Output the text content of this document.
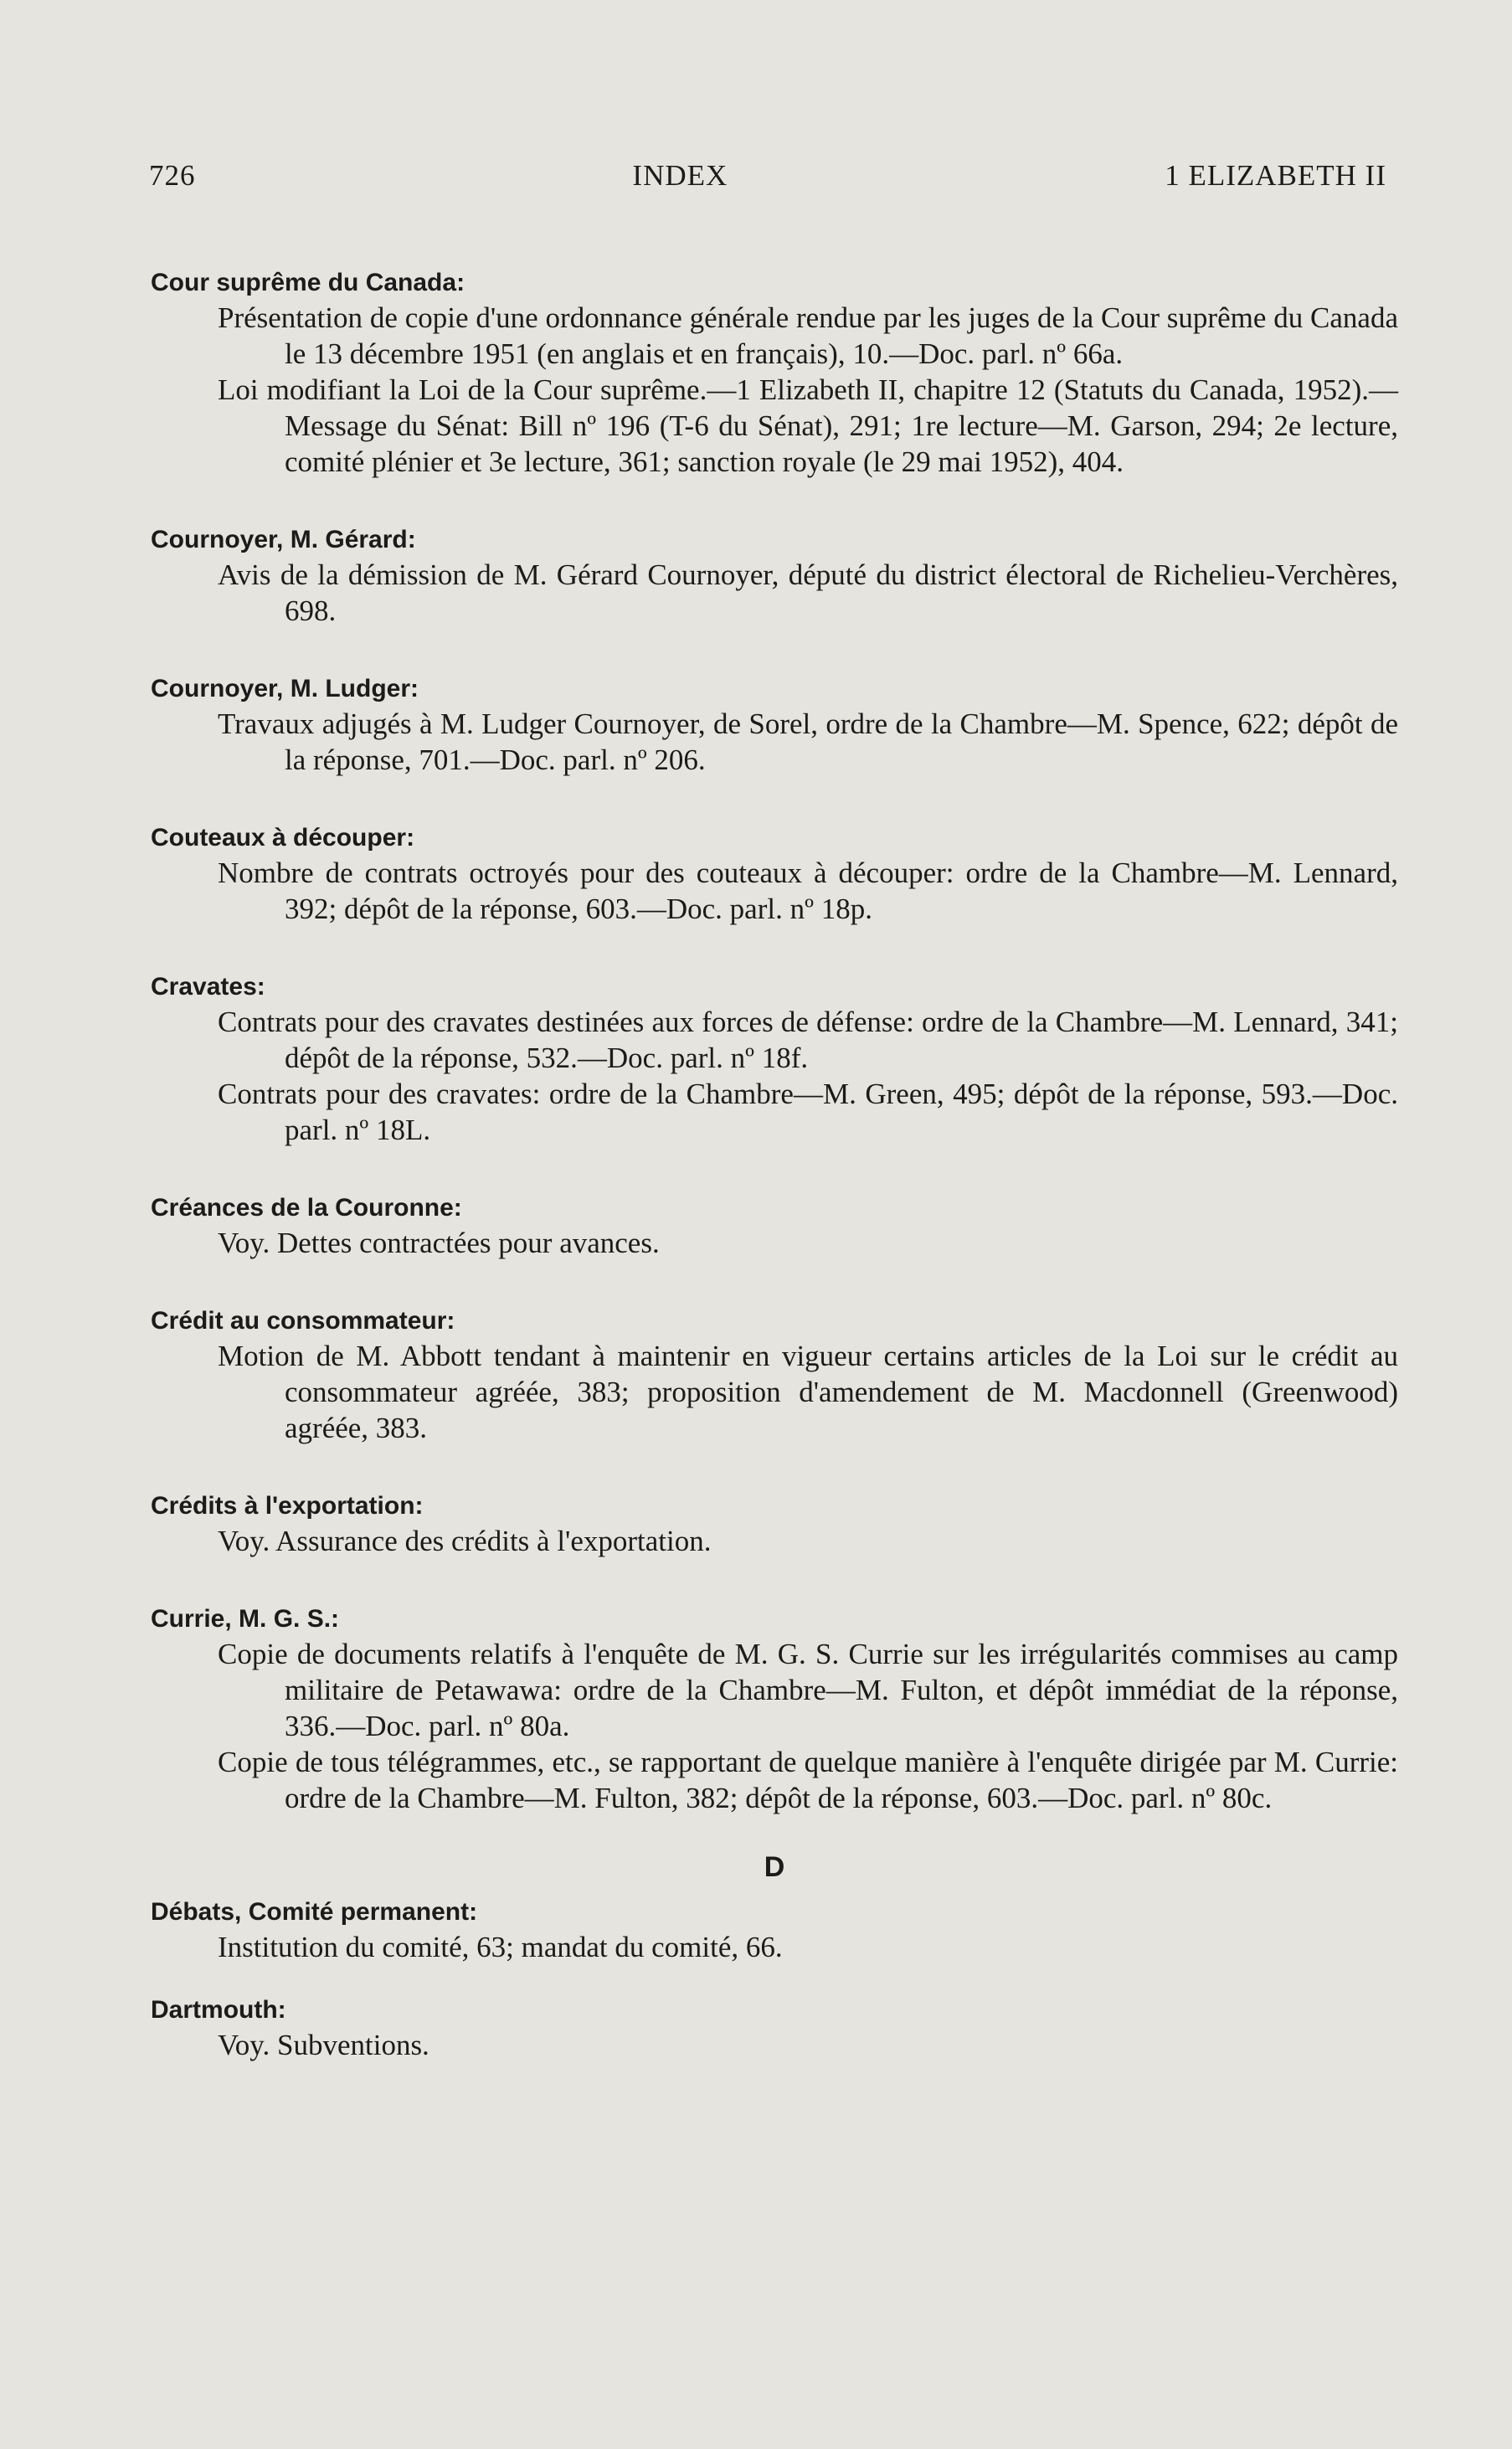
726	INDEX	1 ELIZABETH II
Cour suprême du Canada:

Présentation de copie d'une ordonnance générale rendue par les juges de la Cour suprême du Canada le 13 décembre 1951 (en anglais et en français), 10.—Doc. parl. nº 66a.

Loi modifiant la Loi de la Cour suprême.—1 Elizabeth II, chapitre 12 (Statuts du Canada, 1952).—Message du Sénat: Bill nº 196 (T-6 du Sénat), 291; 1re lecture—M. Garson, 294; 2e lecture, comité plénier et 3e lecture, 361; sanction royale (le 29 mai 1952), 404.

Cournoyer, M. Gérard:

Avis de la démission de M. Gérard Cournoyer, député du district électoral de Richelieu-Verchères, 698.

Cournoyer, M. Ludger:

Travaux adjugés à M. Ludger Cournoyer, de Sorel, ordre de la Chambre—M. Spence, 622; dépôt de la réponse, 701.—Doc. parl. nº 206.

Couteaux à découper:

Nombre de contrats octroyés pour des couteaux à découper: ordre de la Chambre—M. Lennard, 392; dépôt de la réponse, 603.—Doc. parl. nº 18p.

Cravates:

Contrats pour des cravates destinées aux forces de défense: ordre de la Chambre—M. Lennard, 341; dépôt de la réponse, 532.—Doc. parl. nº 18f.

Contrats pour des cravates: ordre de la Chambre—M. Green, 495; dépôt de la réponse, 593.—Doc. parl. nº 18L.

Créances de la Couronne:

Voy. Dettes contractées pour avances.

Crédit au consommateur:

Motion de M. Abbott tendant à maintenir en vigueur certains articles de la Loi sur le crédit au consommateur agréée, 383; proposition d'amendement de M. Macdonnell (Greenwood) agréée, 383.

Crédits à l'exportation:

Voy. Assurance des crédits à l'exportation.

Currie, M. G. S.:

Copie de documents relatifs à l'enquête de M. G. S. Currie sur les irrégularités commises au camp militaire de Petawawa: ordre de la Chambre—M. Fulton, et dépôt immédiat de la réponse, 336.—Doc. parl. nº 80a.

Copie de tous télégrammes, etc., se rapportant de quelque manière à l'enquête dirigée par M. Currie: ordre de la Chambre—M. Fulton, 382; dépôt de la réponse, 603.—Doc. parl. nº 80c.

D
Débats, Comité permanent:

Institution du comité, 63; mandat du comité, 66.

Dartmouth:

Voy. Subventions.
